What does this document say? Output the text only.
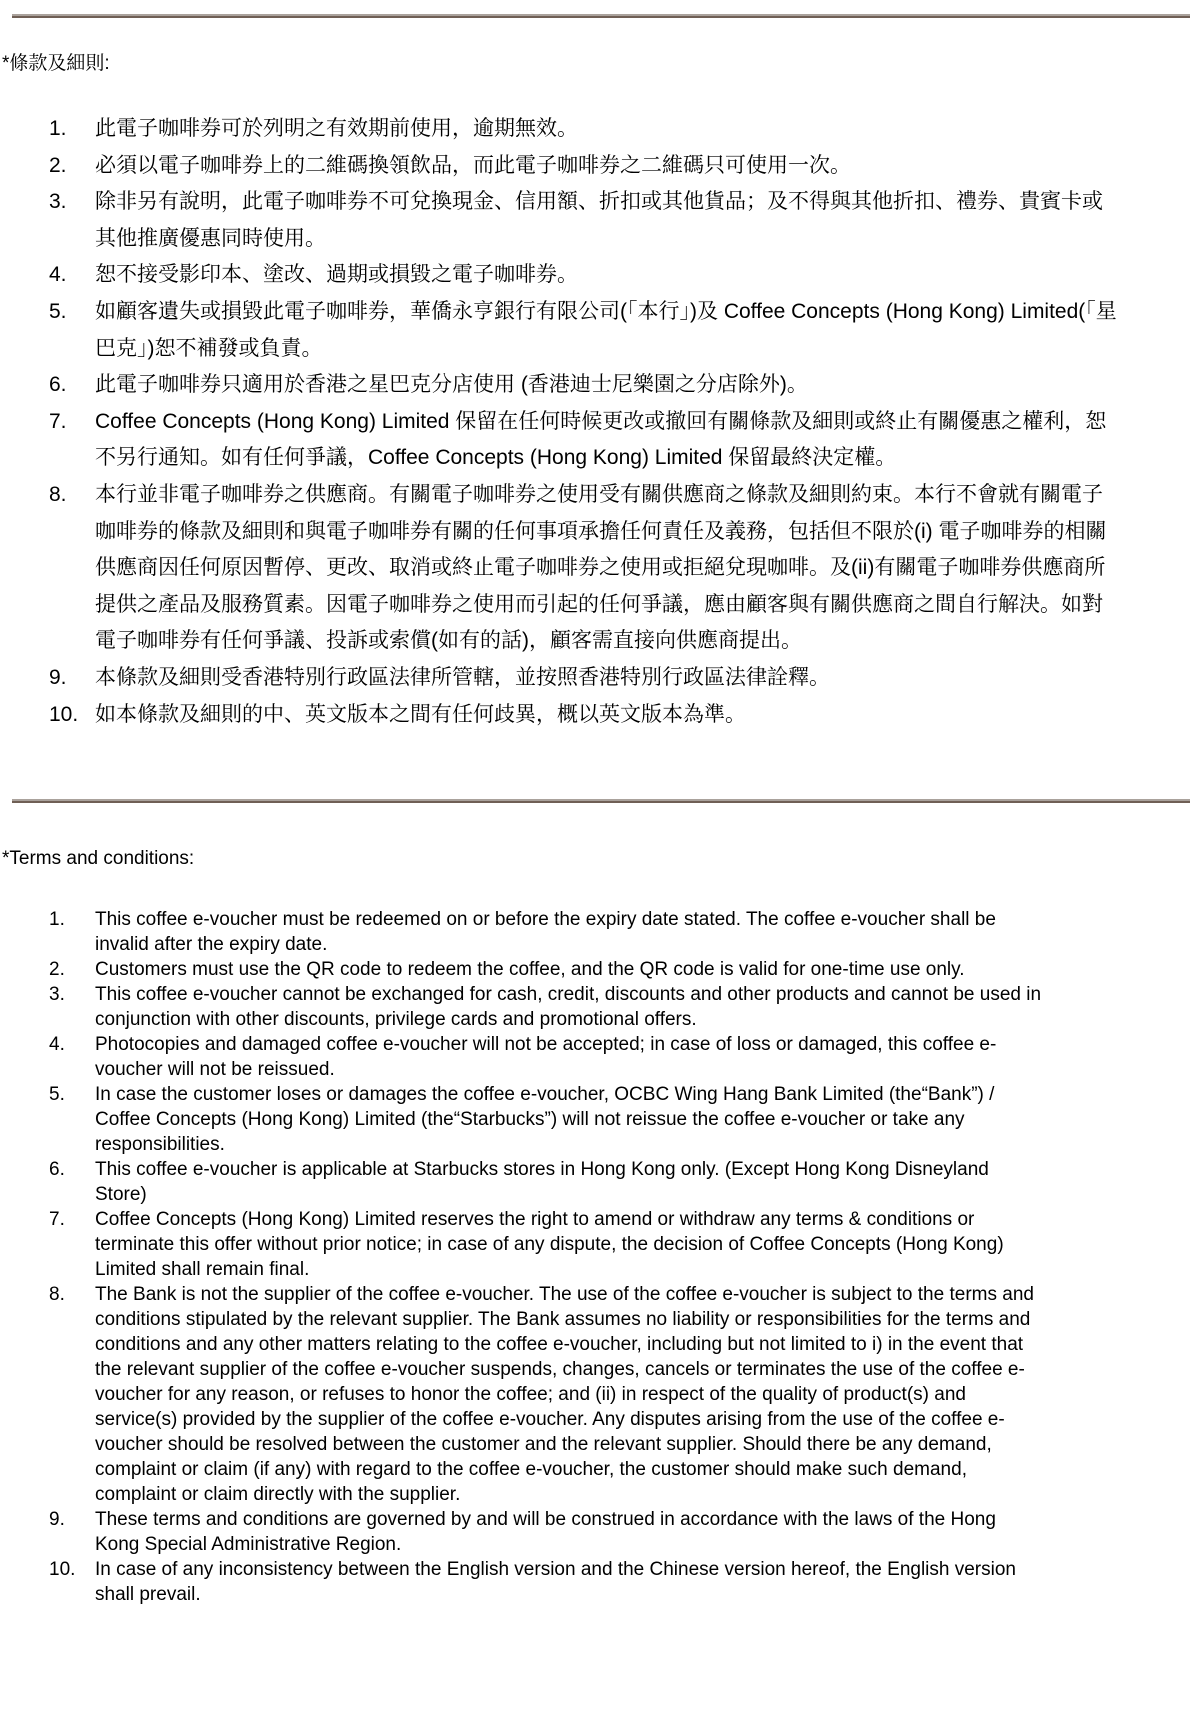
*條款及細則:
1.	此電子咖啡券可於列明之有效期前使用，逾期無效。
2.	必須以電子咖啡券上的二維碼換領飲品，而此電子咖啡券之二維碼只可使用一次。
3.	除非另有說明，此電子咖啡券不可兌換現金、信用額、折扣或其他貨品；及不得與其他折扣、禮券、貴賓卡或其他推廣優惠同時使用。
4.	恕不接受影印本、塗改、過期或損毀之電子咖啡券。
5.	如顧客遺失或損毀此電子咖啡券，華僑永亨銀行有限公司(「本行」)及 Coffee Concepts (Hong Kong) Limited(「星巴克」)恕不補發或負責。
6.	此電子咖啡券只適用於香港之星巴克分店使用 (香港迪士尼樂園之分店除外)。
7.	Coffee Concepts (Hong Kong) Limited 保留在任何時候更改或撤回有關條款及細則或終止有關優惠之權利，恕不另行通知。如有任何爭議，Coffee Concepts (Hong Kong) Limited 保留最終決定權。
8.	本行並非電子咖啡券之供應商。有關電子咖啡券之使用受有關供應商之條款及細則約束。本行不會就有關電子咖啡券的條款及細則和與電子咖啡券有關的任何事項承擔任何責任及義務，包括但不限於(i) 電子咖啡券的相關供應商因任何原因暫停、更改、取消或終止電子咖啡券之使用或拒絕兌現咖啡。及(ii)有關電子咖啡券供應商所提供之產品及服務質素。因電子咖啡券之使用而引起的任何爭議，應由顧客與有關供應商之間自行解決。如對電子咖啡券有任何爭議、投訴或索償(如有的話)，顧客需直接向供應商提出。
9.	本條款及細則受香港特別行政區法律所管轄，並按照香港特別行政區法律詮釋。
10. 如本條款及細則的中、英文版本之間有任何歧異，概以英文版本為準。
*Terms and conditions:
1.	This coffee e-voucher must be redeemed on or before the expiry date stated. The coffee e-voucher shall be invalid after the expiry date.
2.	Customers must use the QR code to redeem the coffee, and the QR code is valid for one-time use only.
3.	This coffee e-voucher cannot be exchanged for cash, credit, discounts and other products and cannot be used in conjunction with other discounts, privilege cards and promotional offers.
4.	Photocopies and damaged coffee e-voucher will not be accepted; in case of loss or damaged, this coffee e-voucher will not be reissued.
5.	In case the customer loses or damages the coffee e-voucher, OCBC Wing Hang Bank Limited (the“Bank”) / Coffee Concepts (Hong Kong) Limited (the“Starbucks”) will not reissue the coffee e-voucher or take any responsibilities.
6.	This coffee e-voucher is applicable at Starbucks stores in Hong Kong only. (Except Hong Kong Disneyland Store)
7.	Coffee Concepts (Hong Kong) Limited reserves the right to amend or withdraw any terms & conditions or terminate this offer without prior notice; in case of any dispute, the decision of Coffee Concepts (Hong Kong) Limited shall remain final.
8.	The Bank is not the supplier of the coffee e-voucher. The use of the coffee e-voucher is subject to the terms and conditions stipulated by the relevant supplier. The Bank assumes no liability or responsibilities for the terms and conditions and any other matters relating to the coffee e-voucher, including but not limited to i) in the event that the relevant supplier of the coffee e-voucher suspends, changes, cancels or terminates the use of the coffee e-voucher for any reason, or refuses to honor the coffee; and (ii) in respect of the quality of product(s) and service(s) provided by the supplier of the coffee e-voucher. Any disputes arising from the use of the coffee e-voucher should be resolved between the customer and the relevant supplier. Should there be any demand, complaint or claim (if any) with regard to the coffee e-voucher, the customer should make such demand, complaint or claim directly with the supplier.
9.	These terms and conditions are governed by and will be construed in accordance with the laws of the Hong Kong Special Administrative Region.
10.	In case of any inconsistency between the English version and the Chinese version hereof, the English version shall prevail.
